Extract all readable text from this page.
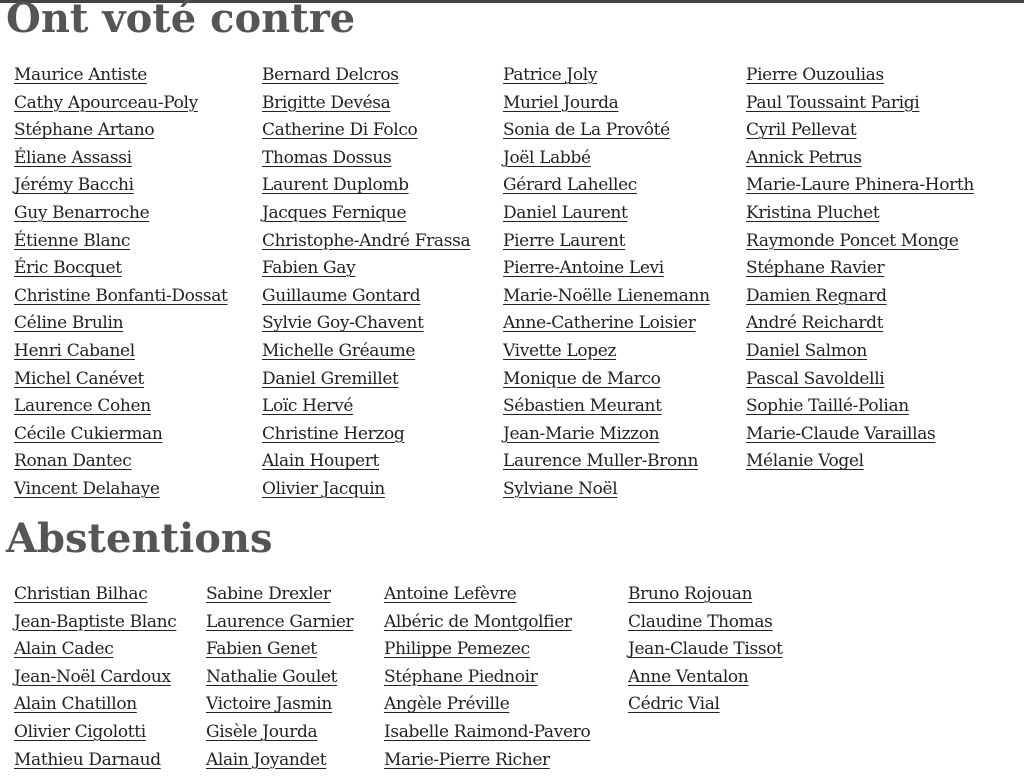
Ont voté contre
Maurice Antiste
Cathy Apourceau-Poly
Stéphane Artano
Éliane Assassi
Jérémy Bacchi
Guy Benarroche
Étienne Blanc
Éric Bocquet
Christine Bonfanti-Dossat
Céline Brulin
Henri Cabanel
Michel Canévet
Laurence Cohen
Cécile Cukierman
Ronan Dantec
Vincent Delahaye
Bernard Delcros
Brigitte Devésa
Catherine Di Folco
Thomas Dossus
Laurent Duplomb
Jacques Fernique
Christophe-André Frassa
Fabien Gay
Guillaume Gontard
Sylvie Goy-Chavent
Michelle Gréaume
Daniel Gremillet
Loïc Hervé
Christine Herzog
Alain Houpert
Olivier Jacquin
Patrice Joly
Muriel Jourda
Sonia de La Provôté
Joël Labbé
Gérard Lahellec
Daniel Laurent
Pierre Laurent
Pierre-Antoine Levi
Marie-Noëlle Lienemann
Anne-Catherine Loisier
Vivette Lopez
Monique de Marco
Sébastien Meurant
Jean-Marie Mizzon
Laurence Muller-Bronn
Sylviane Noël
Pierre Ouzoulias
Paul Toussaint Parigi
Cyril Pellevat
Annick Petrus
Marie-Laure Phinera-Horth
Kristina Pluchet
Raymonde Poncet Monge
Stéphane Ravier
Damien Regnard
André Reichardt
Daniel Salmon
Pascal Savoldelli
Sophie Taillé-Polian
Marie-Claude Varaillas
Mélanie Vogel
Abstentions
Christian Bilhac
Jean-Baptiste Blanc
Alain Cadec
Jean-Noël Cardoux
Alain Chatillon
Olivier Cigolotti
Mathieu Darnaud
Sabine Drexler
Laurence Garnier
Fabien Genet
Nathalie Goulet
Victoire Jasmin
Gisèle Jourda
Alain Joyandet
Antoine Lefèvre
Albéric de Montgolfier
Philippe Pemezec
Stéphane Piednoir
Angèle Préville
Isabelle Raimond-Pavero
Marie-Pierre Richer
Bruno Rojouan
Claudine Thomas
Jean-Claude Tissot
Anne Ventalon
Cédric Vial
